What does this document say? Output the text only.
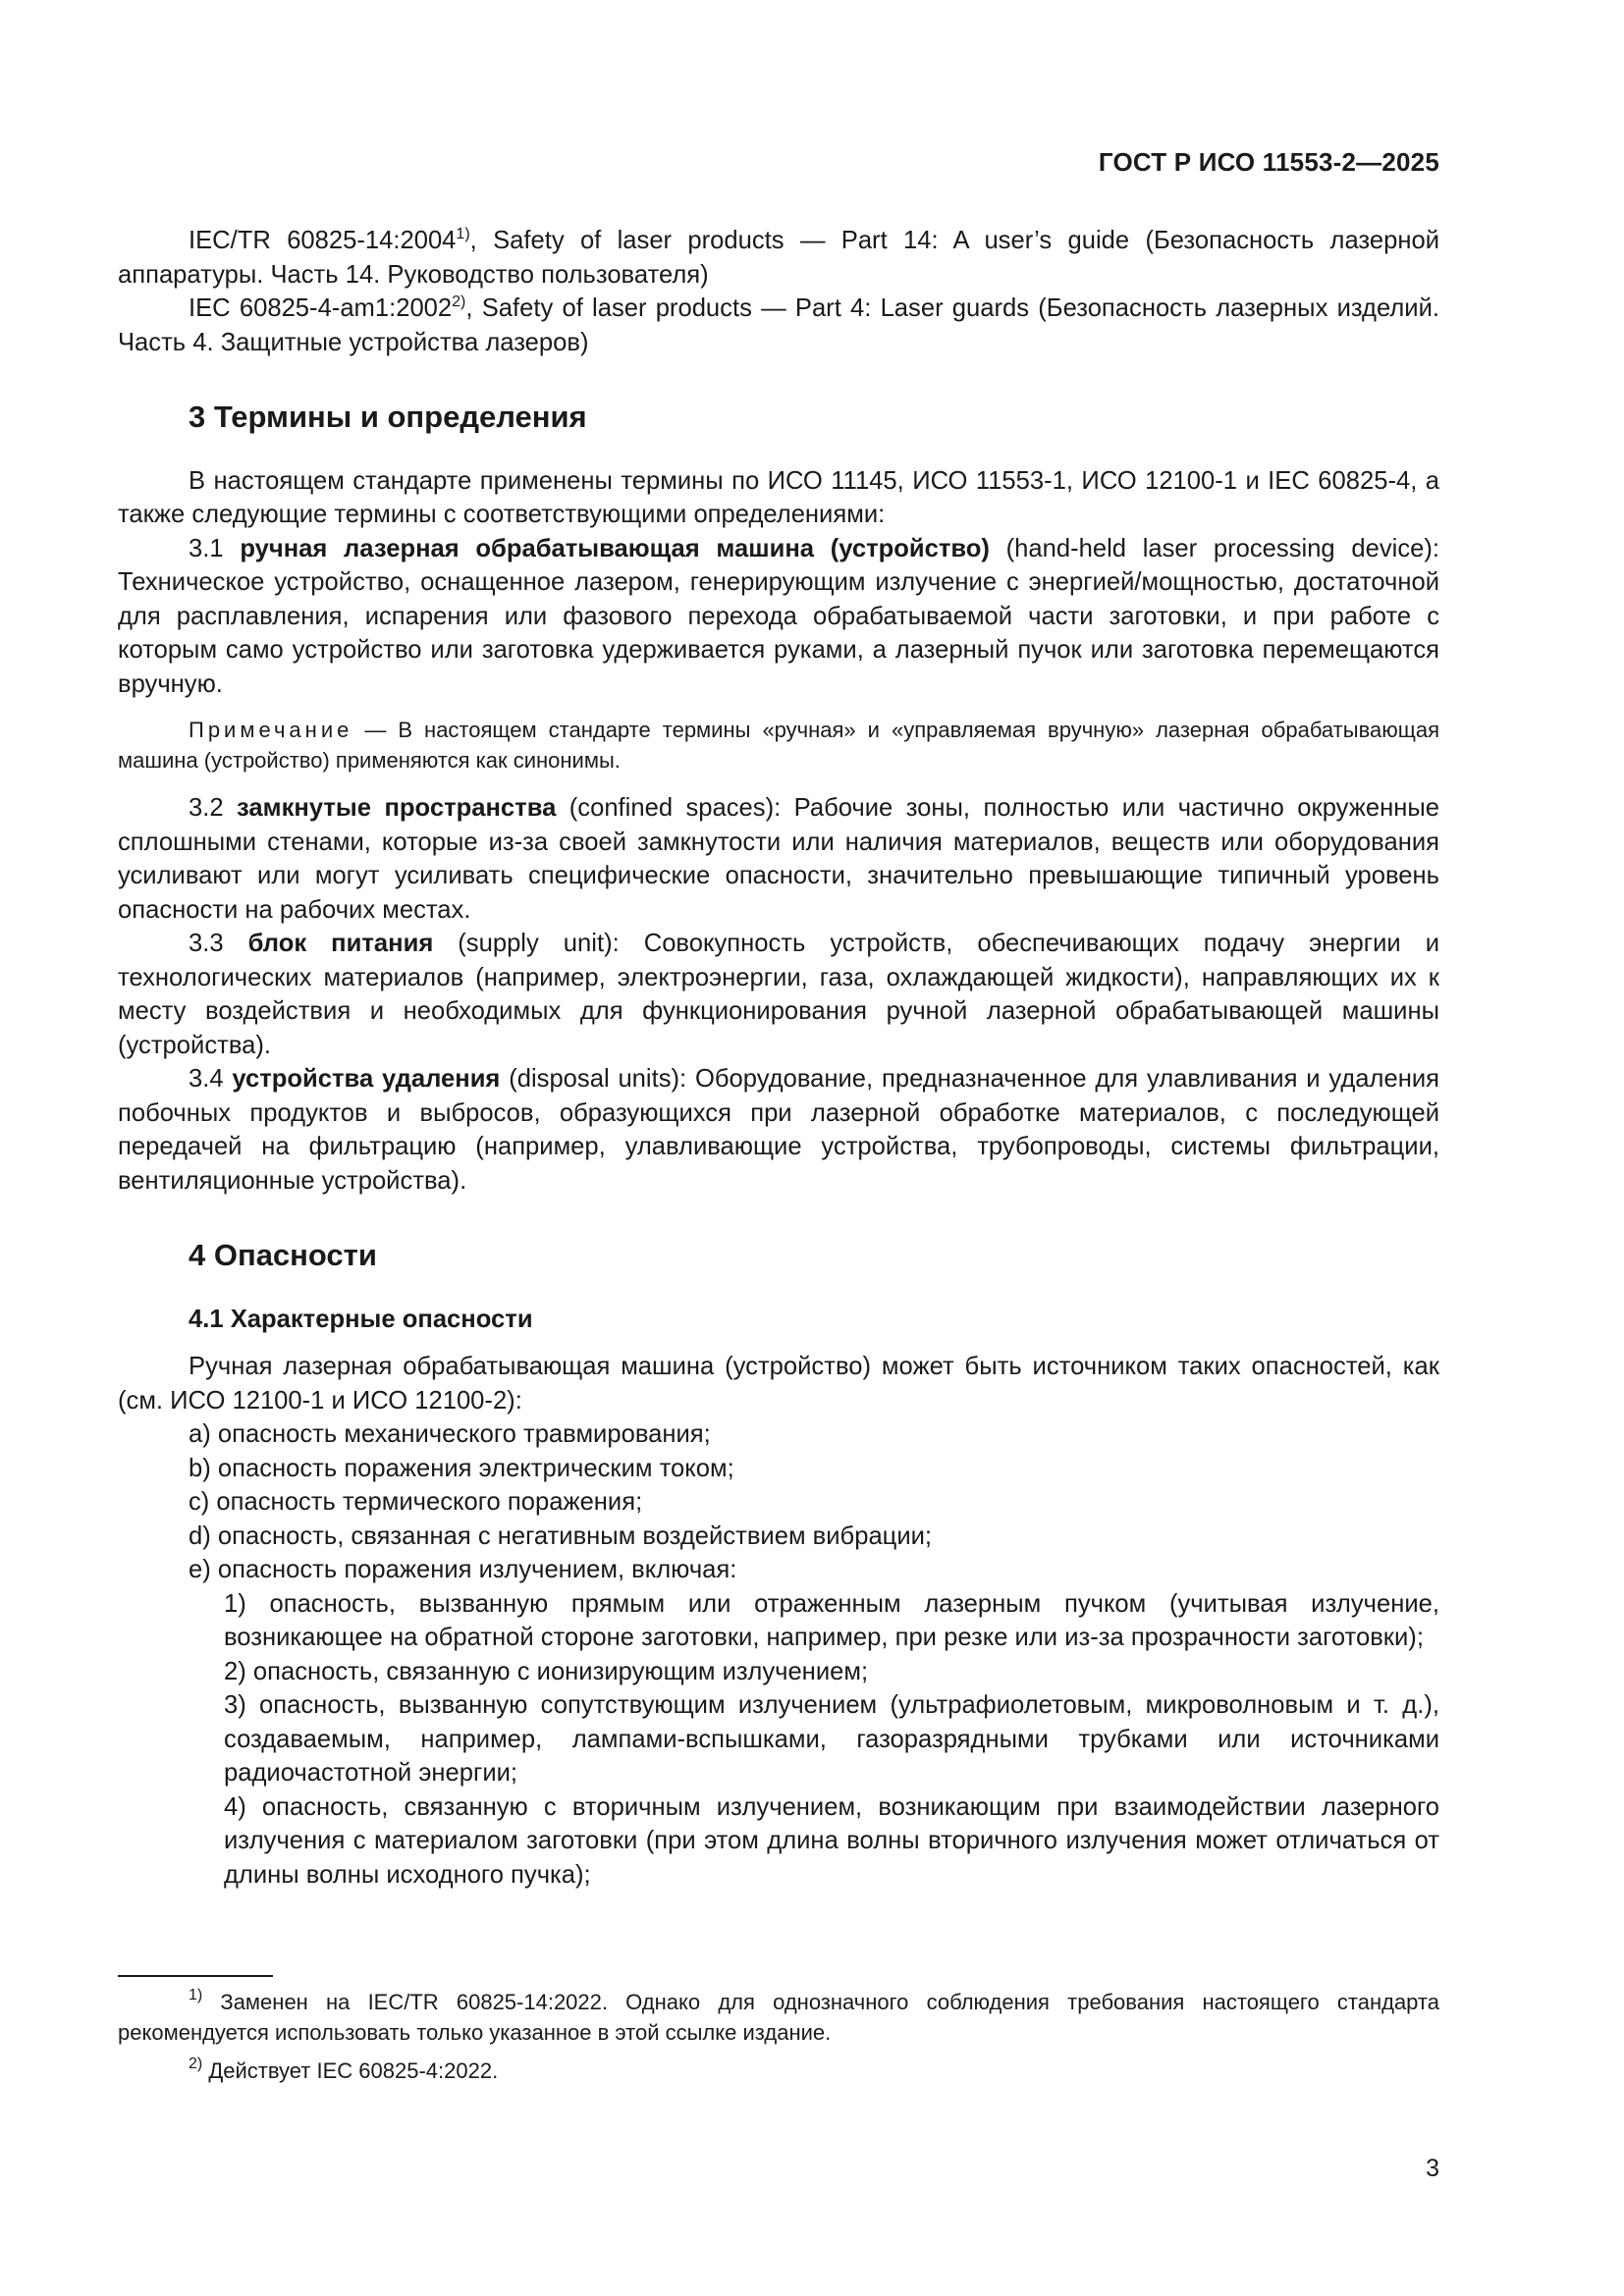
ГОСТ Р ИСО 11553-2—2025

IEC/TR 60825-14:2004$^{1)}$, Safety of laser products — Part 14: A user’s guide (Безопасность лазерной аппаратуры. Часть 14. Руководство пользователя)

IEC 60825-4-am1:2002$^{2)}$, Safety of laser products — Part 4: Laser guards (Безопасность лазерных изделий. Часть 4. Защитные устройства лазеров)

3 Термины и определения

В настоящем стандарте применены термины по ИСО 11145, ИСО 11553-1, ИСО 12100-1 и IEC 60825-4, а также следующие термины с соответствующими определениями:

3.1 ручная лазерная обрабатывающая машина (устройство) (hand-held laser processing device): Техническое устройство, оснащенное лазером, генерирующим излучение с энергией/мощностью, достаточной для расплавления, испарения или фазового перехода обрабатываемой части заготовки, и при работе с которым само устройство или заготовка удерживается руками, а лазерный пучок или заготовка перемещаются вручную.

Примечание — В настоящем стандарте термины «ручная» и «управляемая вручную» лазерная обрабатывающая машина (устройство) применяются как синонимы.

3.2 замкнутые пространства (confined spaces): Рабочие зоны, полностью или частично окруженные сплошными стенами, которые из-за своей замкнутости или наличия материалов, веществ или оборудования усиливают или могут усиливать специфические опасности, значительно превышающие типичный уровень опасности на рабочих местах.

3.3 блок питания (supply unit): Совокупность устройств, обеспечивающих подачу энергии и технологических материалов (например, электроэнергии, газа, охлаждающей жидкости), направляющих их к месту воздействия и необходимых для функционирования ручной лазерной обрабатывающей машины (устройства).

3.4 устройства удаления (disposal units): Оборудование, предназначенное для улавливания и удаления побочных продуктов и выбросов, образующихся при лазерной обработке материалов, с последующей передачей на фильтрацию (например, улавливающие устройства, трубопроводы, системы фильтрации, вентиляционные устройства).

4 Опасности
4.1 Характерные опасности

Ручная лазерная обрабатывающая машина (устройство) может быть источником таких опасностей, как (см. ИСО 12100-1 и ИСО 12100-2):

a) опасность механического травмирования;

b) опасность поражения электрическим током;

c) опасность термического поражения;

d) опасность, связанная с негативным воздействием вибрации;

e) опасность поражения излучением, включая:

1) опасность, вызванную прямым или отраженным лазерным пучком (учитывая излучение, возникающее на обратной стороне заготовки, например, при резке или из-за прозрачности заготовки);

2) опасность, связанную с ионизирующим излучением;

3) опасность, вызванную сопутствующим излучением (ультрафиолетовым, микроволновым и т. д.), создаваемым, например, лампами-вспышками, газоразрядными трубками или источниками радиочастотной энергии;

4) опасность, связанную с вторичным излучением, возникающим при взаимодействии лазерного излучения с материалом заготовки (при этом длина волны вторичного излучения может отличаться от длины волны исходного пучка);

$^{1)}$ Заменен на IEC/TR 60825-14:2022. Однако для однозначного соблюдения требования настоящего стандарта рекомендуется использовать только указанное в этой ссылке издание.

$^{2)}$ Действует IEC 60825-4:2022.

3
